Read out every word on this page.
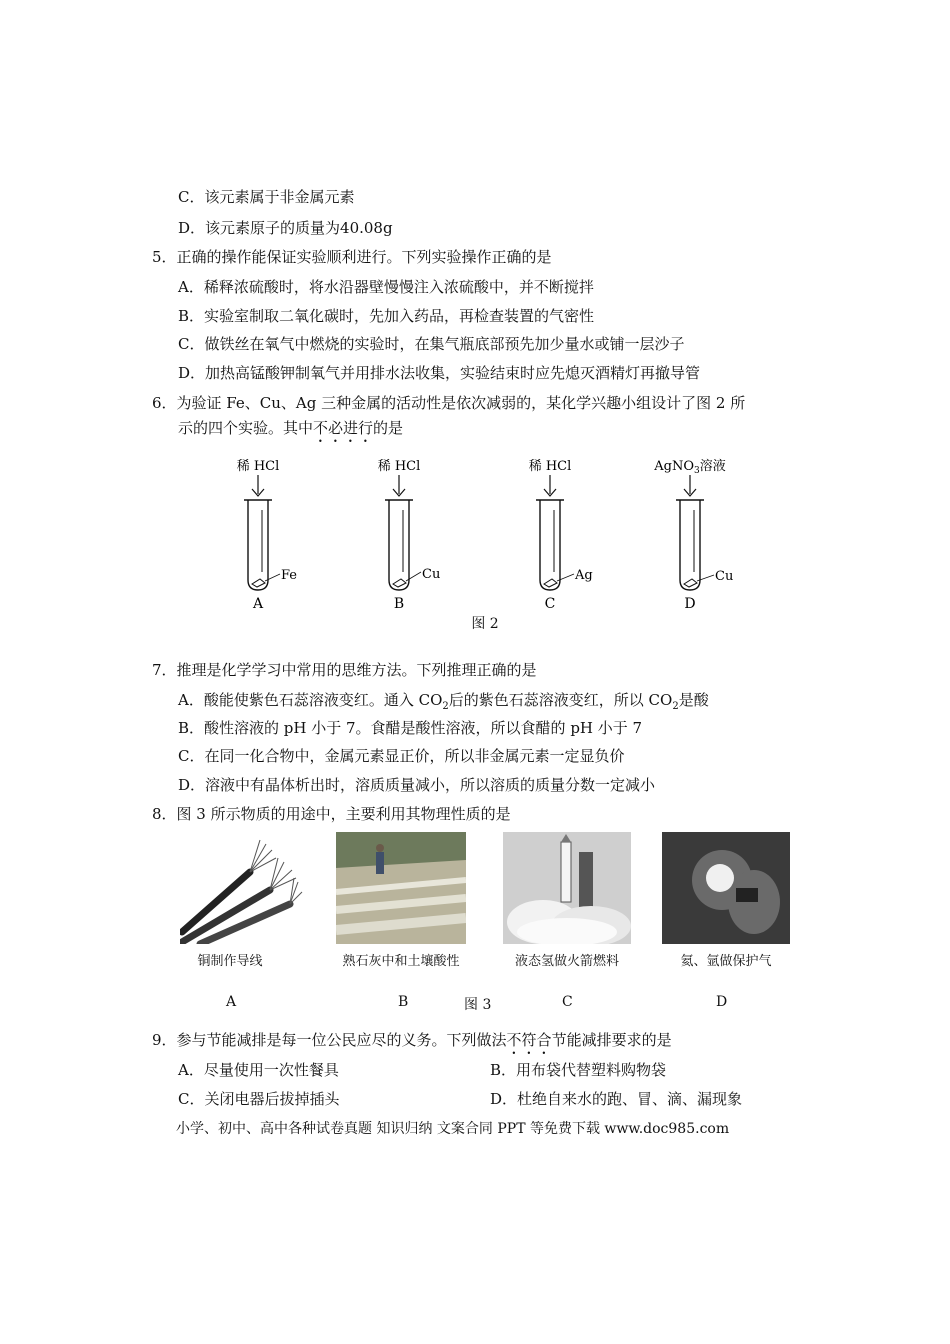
C．该元素属于非金属元素
D．该元素原子的质量为40.08g
5．正确的操作能保证实验顺利进行。下列实验操作正确的是
A．稀释浓硫酸时，将水沿器壁慢慢注入浓硫酸中，并不断搅拌
B．实验室制取二氧化碳时，先加入药品，再检查装置的气密性
C．做铁丝在氧气中燃烧的实验时，在集气瓶底部预先加少量水或铺一层沙子
D．加热高锰酸钾制氧气并用排水法收集，实验结束时应先熄灭酒精灯再撤导管
6．为验证 Fe、Cu、Ag 三种金属的活动性是依次减弱的，某化学兴趣小组设计了图 2 所
示的四个实验。其中不必进行的是
稀 HCl
Fe
A
稀 HCl
Cu
B
稀 HCl
Ag
C
AgNO$_3$溶液
Cu
D
图 2
7．推理是化学学习中常用的思维方法。下列推理正确的是
A．酸能使紫色石蕊溶液变红。通入 $CO_2$后的紫色石蕊溶液变红，所以 $CO_2$是酸
B．酸性溶液的 pH 小于 7。食醋是酸性溶液，所以食醋的 pH 小于 7
C．在同一化合物中，金属元素显正价，所以非金属元素一定显负价
D．溶液中有晶体析出时，溶质质量减小，所以溶质的质量分数一定减小
8．图 3 所示物质的用途中，主要利用其物理性质的是
铜制作导线	熟石灰中和土壤酸性	液态氢做火箭燃料	氦、氩做保护气
A	B	图 3	C	D
9．参与节能减排是每一位公民应尽的义务。下列做法不符合节能减排要求的是
A．尽量使用一次性餐具	B．用布袋代替塑料购物袋
C．关闭电器后拔掉插头	D．杜绝自来水的跑、冒、滴、漏现象
小学、初中、高中各种试卷真题 知识归纳 文案合同 PPT 等免费下载 www.doc985.com
